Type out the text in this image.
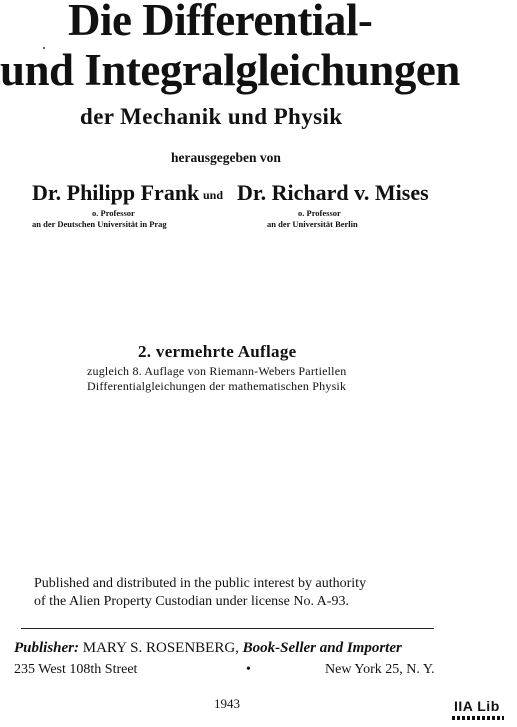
Die Differential-
und Integralgleichungen
der Mechanik und Physik
herausgegeben von
Dr. Philipp Frank und Dr. Richard v. Mises
o. Professor
an der Deutschen Universität in Prag
o. Professor
an der Universität Berlin
2. vermehrte Auflage
zugleich 8. Auflage von Riemann-Webers Partiellen
Differentialgleichungen der mathematischen Physik
Published and distributed in the public interest by authority
of the Alien Property Custodian under license No. A-93.
Publisher: MARY S. ROSENBERG, Book-Seller and Importer
235 West 108th Street	•	New York 25, N. Y.
1943	IIA Lib
